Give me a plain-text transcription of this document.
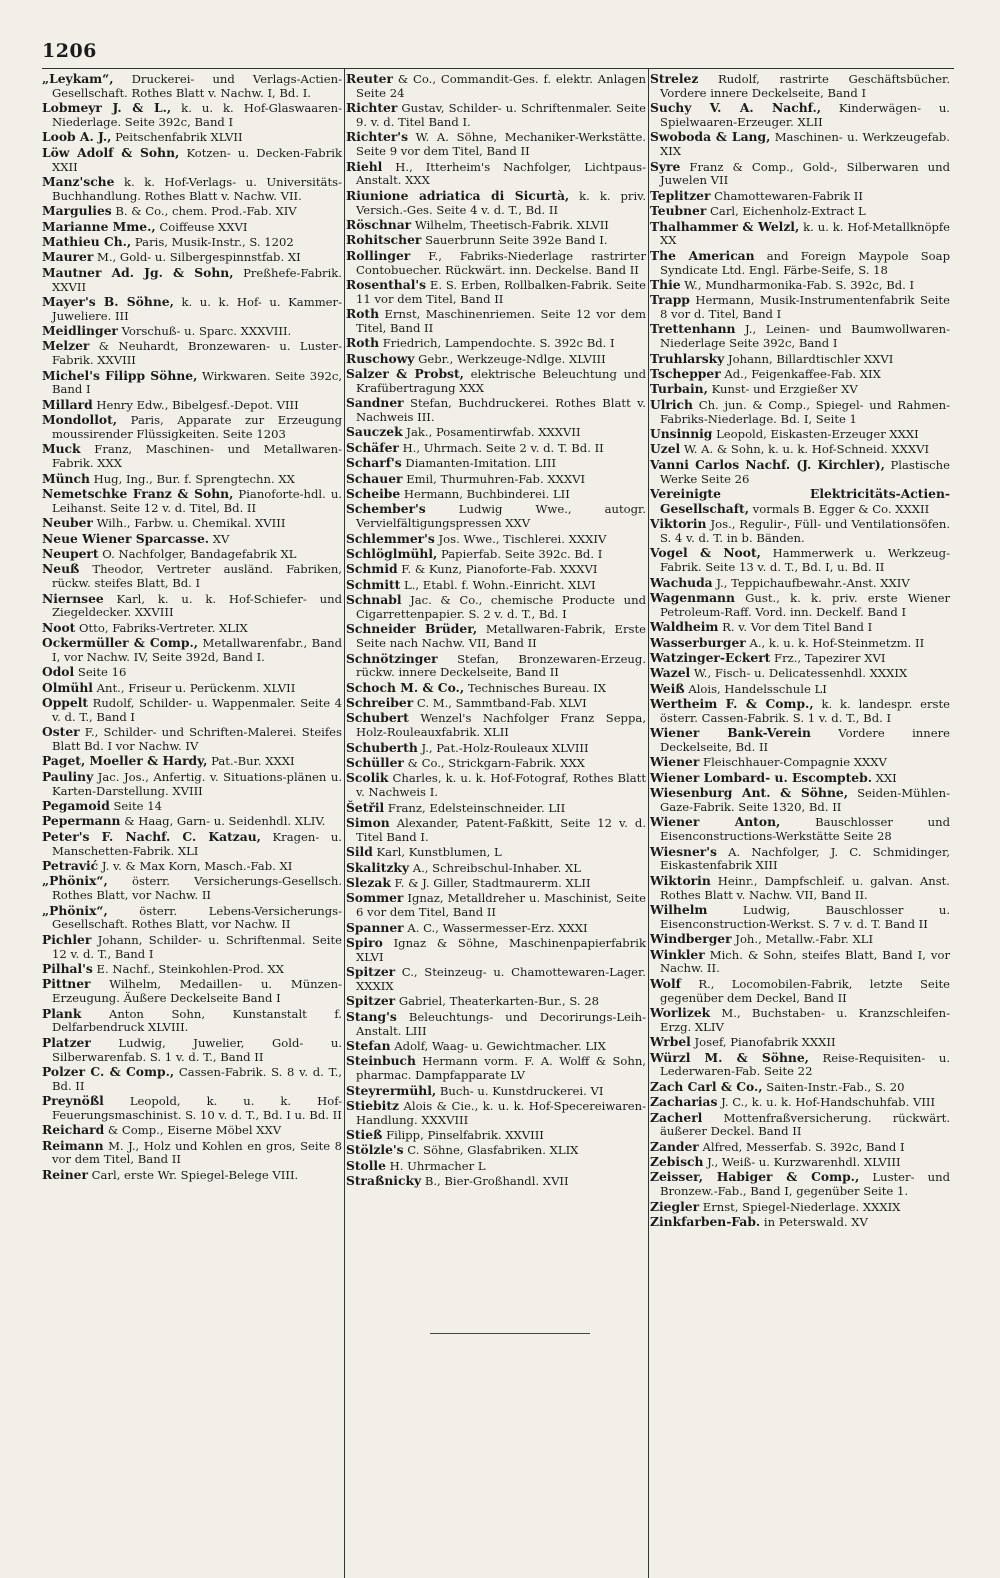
1206
„Leykam“, Druckerei- und Verlags-Actien-Gesellschaft. Rothes Blatt v. Nachw. I, Bd. I.
Lobmeyr J. & L., k. u. k. Hof-Glaswaaren-Niederlage. Seite 392c, Band I
Loob A. J., Peitschenfabrik XLVII
Löw Adolf & Sohn, Kotzen- u. Decken-Fabrik XXII
Manz'sche k. k. Hof-Verlags- u. Universitäts-Buchhandlung. Rothes Blatt v. Nachw. VII.
Margulies B. & Co., chem. Prod.-Fab. XIV
Marianne Mme., Coiffeuse XXVI
Mathieu Ch., Paris, Musik-Instr., S. 1202
Maurer M., Gold- u. Silbergespinnstfab. XI
Mautner Ad. Jg. & Sohn, Preßhefe-Fabrik. XXVII
Mayer's B. Söhne, k. u. k. Hof- u. Kammer-Juweliere. III
Meidlinger Vorschuß- u. Sparc. XXXVIII.
Melzer & Neuhardt, Bronzewaren- u. Luster-Fabrik. XXVIII
Michel's Filipp Söhne, Wirkwaren. Seite 392c, Band I
Millard Henry Edw., Bibelgesf.-Depot. VIII
Mondollot, Paris, Apparate zur Erzeugung moussirender Flüssigkeiten. Seite 1203
Muck Franz, Maschinen- und Metallwaren-Fabrik. XXX
Münch Hug, Ing., Bur. f. Sprengtechn. XX
Nemetschke Franz & Sohn, Pianoforte-hdl. u. Leihanst. Seite 12 v. d. Titel, Bd. II
Neuber Wilh., Farbw. u. Chemikal. XVIII
Neue Wiener Sparcasse. XV
Neupert O. Nachfolger, Bandagefabrik XL
Neuß Theodor, Vertreter ausländ. Fabriken, rückw. steifes Blatt, Bd. I
Niernsee Karl, k. u. k. Hof-Schiefer- und Ziegeldecker. XXVIII
Noot Otto, Fabriks-Vertreter. XLIX
Ockermüller & Comp., Metallwarenfabr., Band I, vor Nachw. IV, Seite 392d, Band I.
Odol Seite 16
Olmühl Ant., Friseur u. Perückenm. XLVII
Oppelt Rudolf, Schilder- u. Wappenmaler. Seite 4 v. d. T., Band I
Oster F., Schilder- und Schriften-Malerei. Steifes Blatt Bd. I vor Nachw. IV
Paget, Moeller & Hardy, Pat.-Bur. XXXI
Pauliny Jac. Jos., Anfertig. v. Situations-plänen u. Karten-Darstellung. XVIII
Pegamoid Seite 14
Pepermann & Haag, Garn- u. Seidenhdl. XLIV.
Peter's F. Nachf. C. Katzau, Kragen- u. Manschetten-Fabrik. XLI
Petravić J. v. & Max Korn, Masch.-Fab. XI
„Phönix“, österr. Versicherungs-Gesellsch. Rothes Blatt, vor Nachw. II
„Phönix“,	österr. Lebens-Versicherungs-Gesellschaft. Rothes Blatt, vor Nachw. II
Pichler Johann, Schilder- u. Schriftenmal. Seite 12 v. d. T., Band I
Pilhal's E. Nachf., Steinkohlen-Prod. XX
Pittner Wilhelm, Medaillen- u. Münzen-Erzeugung. Äußere Deckelseite Band I
Plank Anton Sohn, Kunstanstalt f. Delfarbendruck XLVIII.
Platzer Ludwig, Juwelier, Gold- u. Silberwarenfab. S. 1 v. d. T., Band II
Polzer C. & Comp., Cassen-Fabrik. S. 8 v. d. T., Bd. II
Preynößl Leopold, k. u. k. Hof-Feuerungsmaschinist. S. 10 v. d. T., Bd. I u. Bd. II
Reichard & Comp., Eiserne Möbel XXV
Reimann M. J., Holz und Kohlen en gros, Seite 8 vor dem Titel, Band II
Reiner Carl, erste Wr. Spiegel-Belege VIII.
Reuter & Co., Commandit-Ges. f. elektr. Anlagen Seite 24
Richter Gustav, Schilder- u. Schriftenmaler. Seite 9. v. d. Titel Band I.
Richter's W. A. Söhne, Mechaniker-Werkstätte. Seite 9 vor dem Titel, Band II
Riehl H., Itterheim's Nachfolger, Lichtpaus-Anstalt. XXX
Riunione adriatica di Sicurtà, k. k. priv. Versich.-Ges. Seite 4 v. d. T., Bd. II
Röschnar Wilhelm, Theetisch-Fabrik. XLVII
Rohitscher Sauerbrunn Seite 392e Band I.
Rollinger F., Fabriks-Niederlage rastrirter Contobuecher. Rückwärt. inn. Deckelse. Band II
Rosenthal's E. S. Erben, Rollbalken-Fabrik. Seite 11 vor dem Titel, Band II
Roth Ernst, Maschinenriemen. Seite 12 vor dem Titel, Band II
Roth Friedrich, Lampendochte. S. 392c Bd. I
Ruschowy Gebr., Werkzeuge-Ndlge. XLVIII
Salzer & Probst, elektrische Beleuchtung und Krafübertragung XXX
Sandner Stefan, Buchdruckerei. Rothes Blatt v. Nachweis III.
Sauczek Jak., Posamentirwfab. XXXVII
Schäfer H., Uhrmach. Seite 2 v. d. T. Bd. II
Scharf's Diamanten-Imitation. LIII
Schauer Emil, Thurmuhren-Fab. XXXVI
Scheibe Hermann, Buchbinderei. LII
Schember's	Ludwig Wwe., autogr. Vervielfältigungspressen XXV
Schlemmer's Jos. Wwe., Tischlerei. XXXIV
Schlöglmühl, Papierfab. Seite 392c. Bd. I
Schmid F. & Kunz, Pianoforte-Fab. XXXVI
Schmitt L., Etabl. f. Wohn.-Einricht. XLVI
Schnabl Jac. & Co., chemische Producte und Cigarrettenpapier. S. 2 v. d. T., Bd. I
Schneider Brüder, Metallwaren-Fabrik, Erste Seite nach Nachw. VII, Band II
Schnötzinger Stefan, Bronzewaren-Erzeug. rückw. innere Deckelseite, Band II
Schoch M. & Co., Technisches Bureau. IX
Schreiber C. M., Sammtband-Fab. XLVI
Schubert Wenzel's Nachfolger Franz Seppa, Holz-Rouleauxfabrik. XLII
Schuberth J., Pat.-Holz-Rouleaux XLVIII
Schüller & Co., Strickgarn-Fabrik. XXX
Scolik Charles, k. u. k. Hof-Fotograf, Rothes Blatt v. Nachweis I.
Šetřil Franz, Edelsteinschneider. LII
Simon Alexander, Patent-Faßkitt, Seite 12 v. d. Titel Band I.
Sild Karl, Kunstblumen, L
Skalitzky A., Schreibschul-Inhaber. XL
Slezak F. & J. Giller, Stadtmaurerm. XLII
Sommer Ignaz, Metalldreher u. Maschinist, Seite 6 vor dem Titel, Band II
Spanner A. C., Wassermesser-Erz. XXXI
Spiro Ignaz & Söhne, Maschinenpapierfabrik XLVI
Spitzer C., Steinzeug- u. Chamottewaren-Lager. XXXIX
Spitzer Gabriel, Theaterkarten-Bur., S. 28
Stang's Beleuchtungs- und Decorirungs-Leih-Anstalt. LIII
Stefan Adolf, Waag- u. Gewichtmacher. LIX
Steinbuch Hermann vorm. F. A. Wolff & Sohn, pharmac. Dampfapparate LV
Steyrermühl, Buch- u. Kunstdruckerei. VI
Stiebitz Alois & Cie., k. u. k. Hof-Specereiwaren-Handlung. XXXVIII
Stieß Filipp, Pinselfabrik. XXVIII
Stölzle's C. Söhne, Glasfabriken. XLIX
Stolle H. Uhrmacher L
Straßnicky B., Bier-Großhandl. XVII
Strelez Rudolf, rastrirte Geschäftsbücher. Vordere innere Deckelseite, Band I
Suchy V. A. Nachf., Kinderwägen- u. Spielwaaren-Erzeuger. XLII
Swoboda & Lang, Maschinen- u. Werkzeugefab. XIX
Syre Franz & Comp., Gold-, Silberwaren und Juwelen VII
Teplitzer Chamottewaren-Fabrik II
Teubner Carl, Eichenholz-Extract L
Thalhammer & Welzl, k. u. k. Hof-Metallknöpfe XX
The American and Foreign Maypole Soap Syndicate Ltd. Engl. Färbe-Seife, S. 18
Thie W., Mundharmonika-Fab. S. 392c, Bd. I
Trapp Hermann, Musik-Instrumentenfabrik Seite 8 vor d. Titel, Band I
Trettenhann J., Leinen- und Baumwollwaren-Niederlage Seite 392c, Band I
Truhlarsky Johann, Billardtischler XXVI
Tschepper Ad., Feigenkaffee-Fab. XIX
Turbain, Kunst- und Erzgießer XV
Ulrich Ch. jun. & Comp., Spiegel- und Rahmen-Fabriks-Niederlage. Bd. I, Seite 1
Unsinnig Leopold, Eiskasten-Erzeuger XXXI
Uzel W. A. & Sohn, k. u. k. Hof-Schneid. XXXVI
Vanni Carlos Nachf. (J. Kirchler), Plastische Werke Seite 26
Vereinigte Elektricitäts-Actien-Gesellschaft, vormals B. Egger & Co. XXXII
Viktorin Jos., Regulir-, Füll- und Ventilationsöfen. S. 4 v. d. T. in b. Bänden.
Vogel & Noot, Hammerwerk u. Werkzeug-Fabrik. Seite 13 v. d. T., Bd. I, u. Bd. II
Wachuda J., Teppichaufbewahr.-Anst. XXIV
Wagenmann Gust., k. k. priv. erste Wiener Petroleum-Raff. Vord. inn. Deckelf. Band I
Waldheim R. v. Vor dem Titel Band I
Wasserburger A., k. u. k. Hof-Steinmetzm. II
Watzinger-Eckert Frz., Tapezirer XVI
Wazel W., Fisch- u. Delicatessenhdl. XXXIX
Weiß Alois, Handelsschule LI
Wertheim F. & Comp., k. k. landespr. erste österr. Cassen-Fabrik. S. 1 v. d. T., Bd. I
Wiener Bank-Verein Vordere innere Deckelseite, Bd. II
Wiener Fleischhauer-Compagnie XXXV
Wiener Lombard- u. Escompteb. XXI
Wiesenburg Ant. & Söhne, Seiden-Mühlen-Gaze-Fabrik. Seite 1320, Bd. II
Wiener Anton,	Bauschlosser und Eisenconstructions-Werkstätte Seite 28
Wiesner's A. Nachfolger, J. C. Schmidinger, Eiskastenfabrik XIII
Wiktorin Heinr., Dampfschleif. u. galvan. Anst. Rothes Blatt v. Nachw. VII, Band II.
Wilhelm	Ludwig, Bauschlosser u. Eisenconstruction-Werkst. S. 7 v. d. T. Band II
Windberger Joh., Metallw.-Fabr. XLI
Winkler Mich. & Sohn, steifes Blatt, Band I, vor Nachw. II.
Wolf R., Locomobilen-Fabrik, letzte Seite gegenüber dem Deckel, Band II
Worlizek M., Buchstaben- u. Kranzschleifen-Erzg. XLIV
Wrbel Josef, Pianofabrik XXXII
Würzl M. & Söhne, Reise-Requisiten- u. Lederwaren-Fab. Seite 22
Zach Carl & Co., Saiten-Instr.-Fab., S. 20
Zacharias J. C., k. u. k. Hof-Handschuhfab. VIII
Zacherl Mottenfraßversicherung. rückwärt. äußerer Deckel. Band II
Zander Alfred, Messerfab. S. 392c, Band I
Zebisch J., Weiß- u. Kurzwarenhdl. XLVIII
Zeisser, Habiger & Comp., Luster- und Bronzew.-Fab., Band I, gegenüber Seite 1.
Ziegler Ernst, Spiegel-Niederlage. XXXIX
Zinkfarben-Fab. in Peterswald. XV
